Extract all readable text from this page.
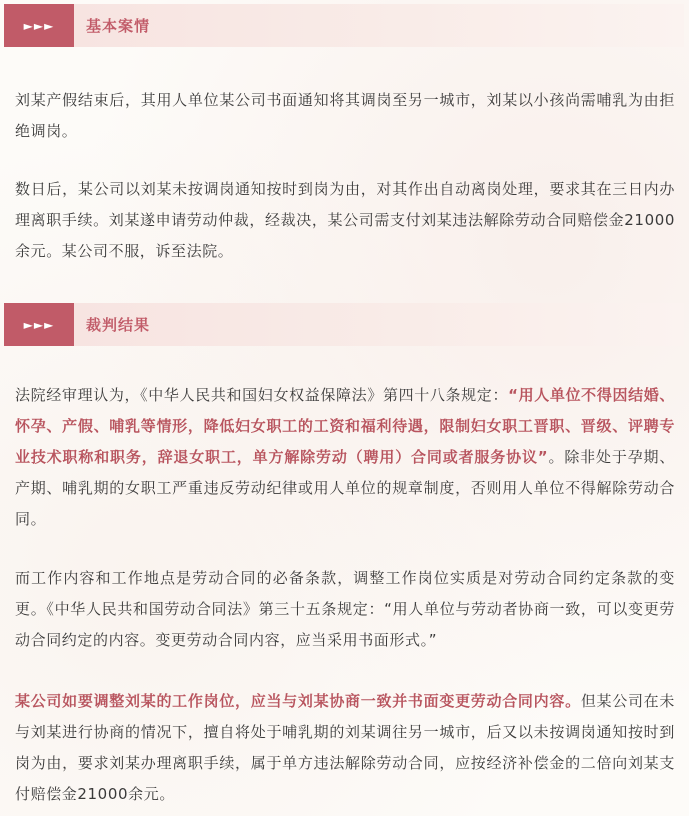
►►►	基本案情

刘某产假结束后，其用人单位某公司书面通知将其调岗至另一城市，刘某以小孩尚需哺乳为由拒绝调岗。

数日后，某公司以刘某未按调岗通知按时到岗为由，对其作出自动离岗处理，要求其在三日内办理离职手续。刘某遂申请劳动仲裁，经裁决，某公司需支付刘某违法解除劳动合同赔偿金21000余元。某公司不服，诉至法院。

►►►	裁判结果

法院经审理认为，《中华人民共和国妇女权益保障法》第四十八条规定：“用人单位不得因结婚、怀孕、产假、哺乳等情形，降低妇女职工的工资和福利待遇，限制妇女职工晋职、晋级、评聘专业技术职称和职务，辞退女职工，单方解除劳动（聘用）合同或者服务协议”。除非处于孕期、产期、哺乳期的女职工严重违反劳动纪律或用人单位的规章制度，否则用人单位不得解除劳动合同。

而工作内容和工作地点是劳动合同的必备条款，调整工作岗位实质是对劳动合同约定条款的变更。《中华人民共和国劳动合同法》第三十五条规定：“用人单位与劳动者协商一致，可以变更劳动合同约定的内容。变更劳动合同内容，应当采用书面形式。”

某公司如要调整刘某的工作岗位，应当与刘某协商一致并书面变更劳动合同内容。但某公司在未与刘某进行协商的情况下，擅自将处于哺乳期的刘某调往另一城市，后又以未按调岗通知按时到岗为由，要求刘某办理离职手续，属于单方违法解除劳动合同，应按经济补偿金的二倍向刘某支付赔偿金21000余元。
